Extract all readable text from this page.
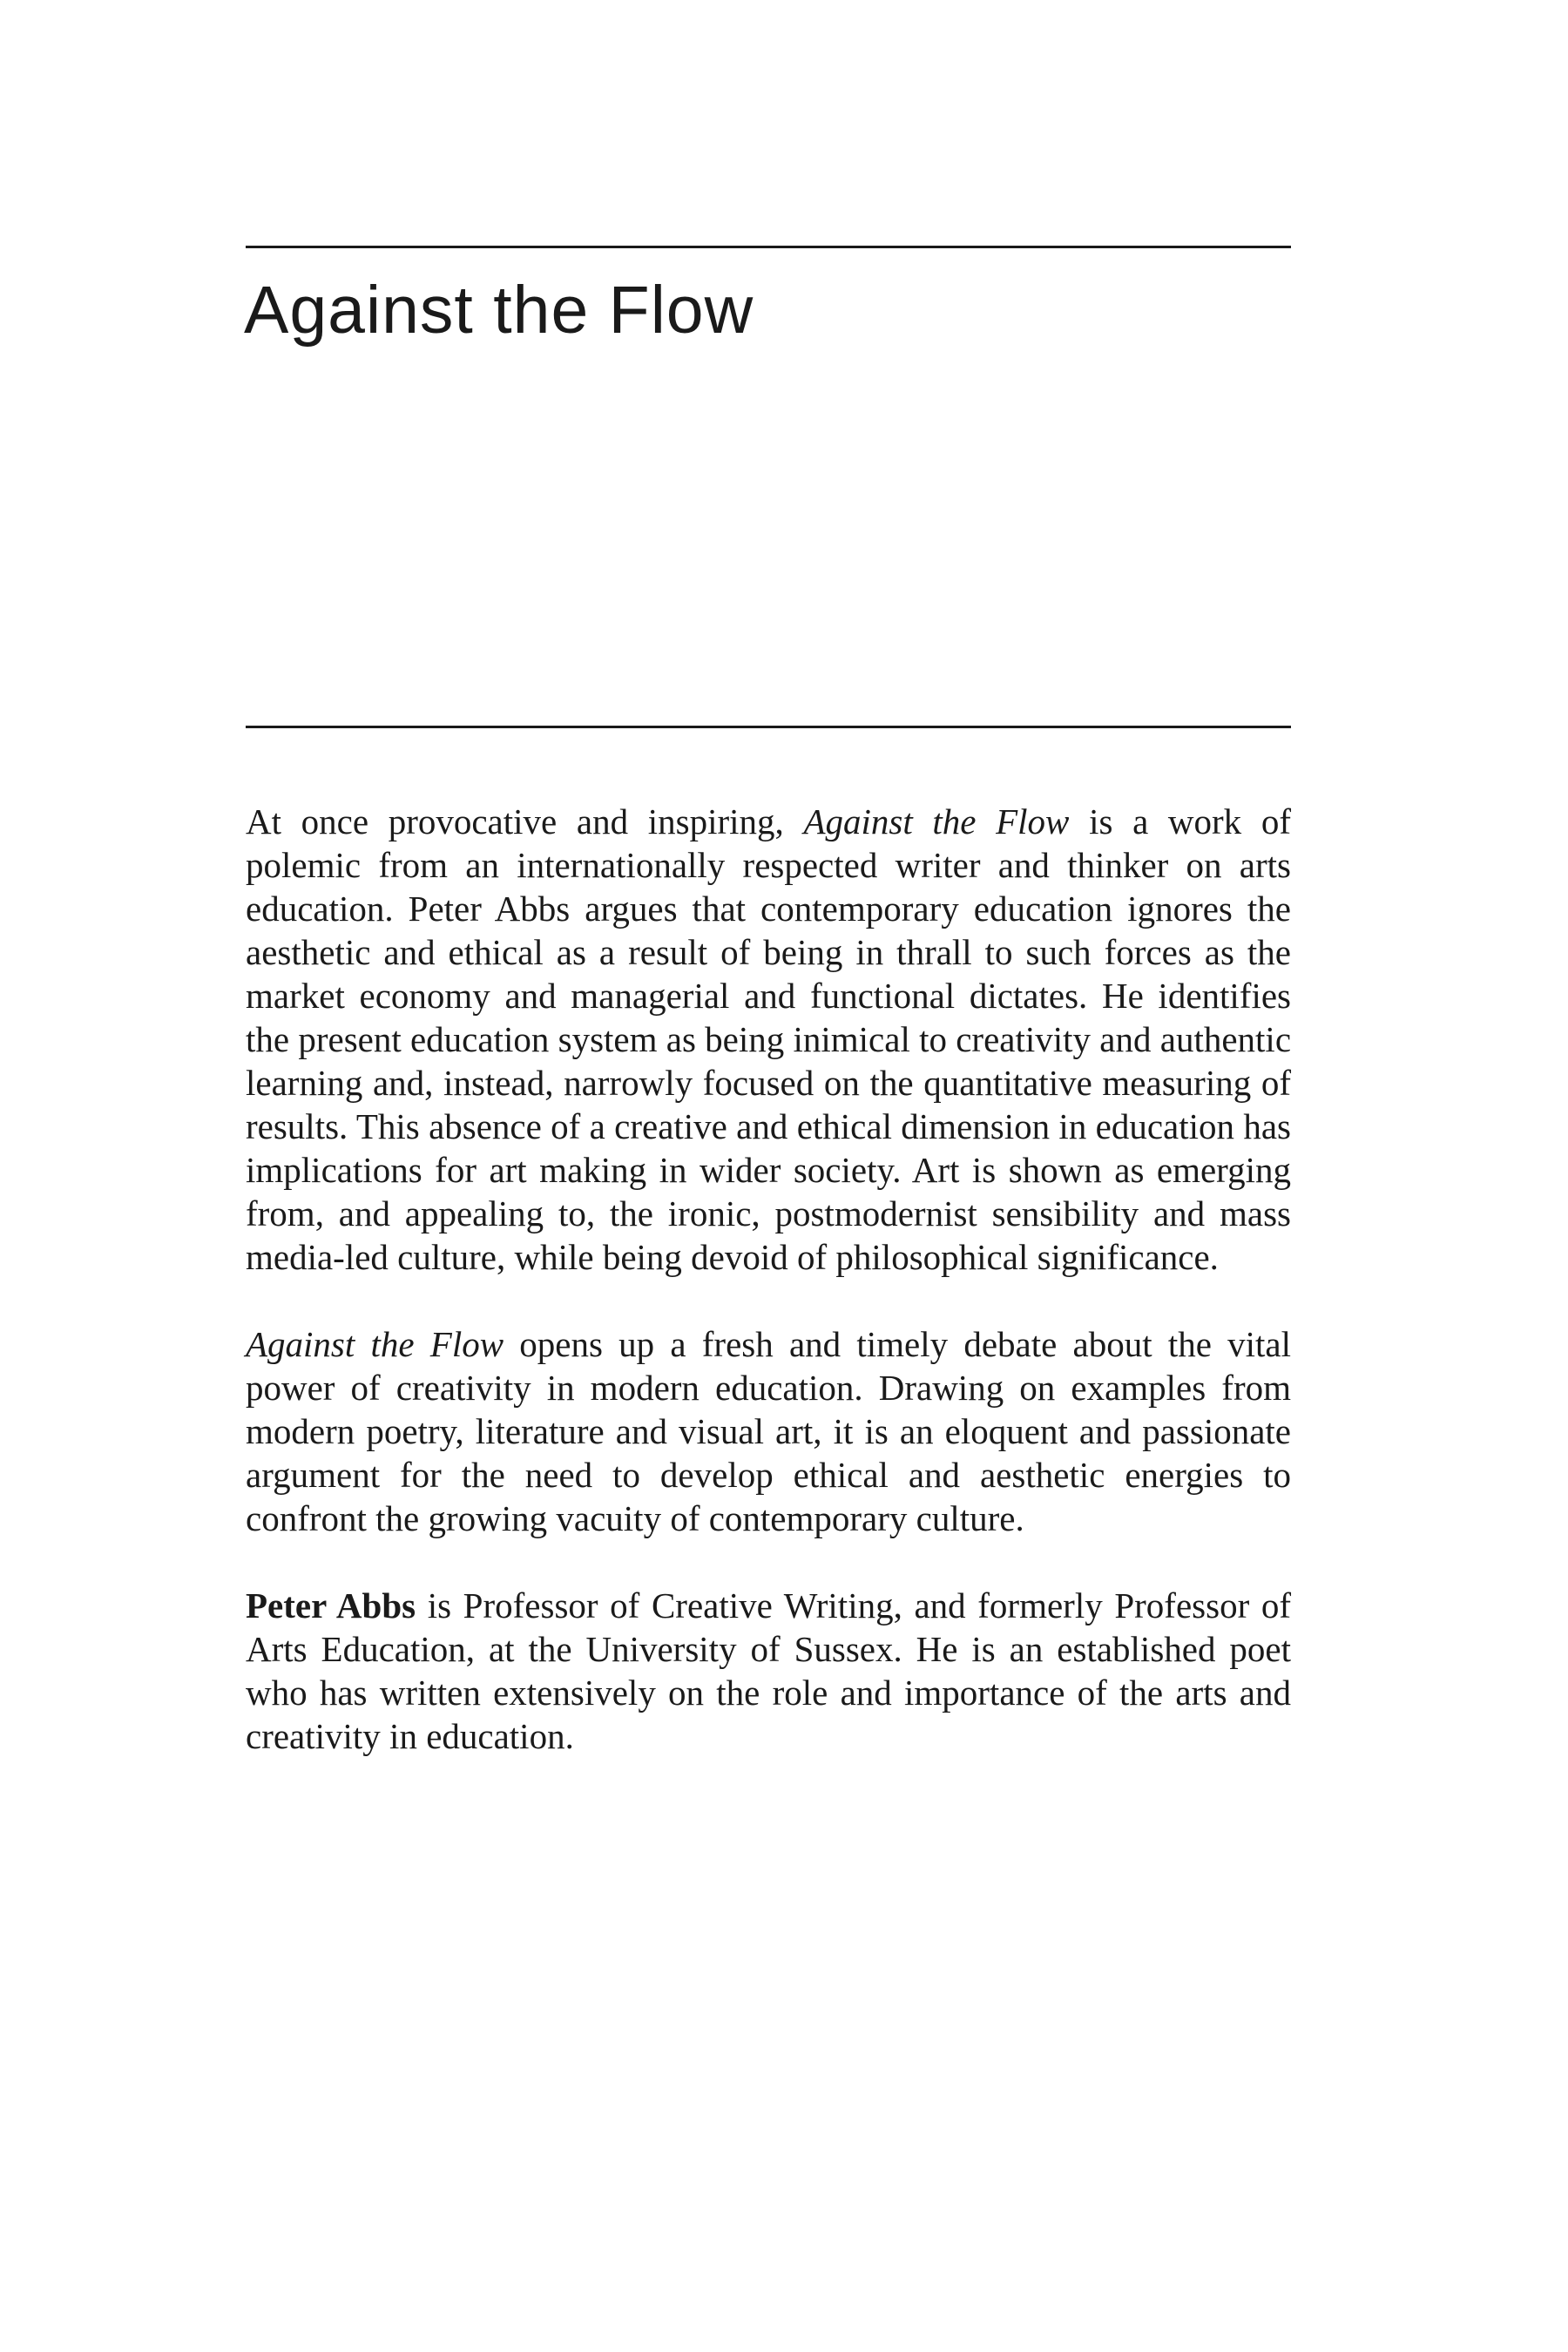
Against the Flow

At once provocative and inspiring, Against the Flow is a work of polemic from an internationally respected writer and thinker on arts education. Peter Abbs argues that contemporary education ignores the aesthetic and ethical as a result of being in thrall to such forces as the market economy and managerial and functional dictates. He identifies the present education system as being inimical to creativity and authentic learning and, instead, narrowly focused on the quantitative measuring of results. This absence of a creative and ethical dimension in education has implications for art making in wider society. Art is shown as emerging from, and appealing to, the ironic, postmodernist sensibility and mass media-led culture, while being devoid of philosophical significance.

Against the Flow opens up a fresh and timely debate about the vital power of creativity in modern education. Drawing on examples from modern poetry, literature and visual art, it is an eloquent and passionate argument for the need to develop ethical and aesthetic energies to confront the growing vacuity of contemporary culture.

Peter Abbs is Professor of Creative Writing, and formerly Professor of Arts Education, at the University of Sussex. He is an established poet who has written extensively on the role and importance of the arts and creativity in education.
